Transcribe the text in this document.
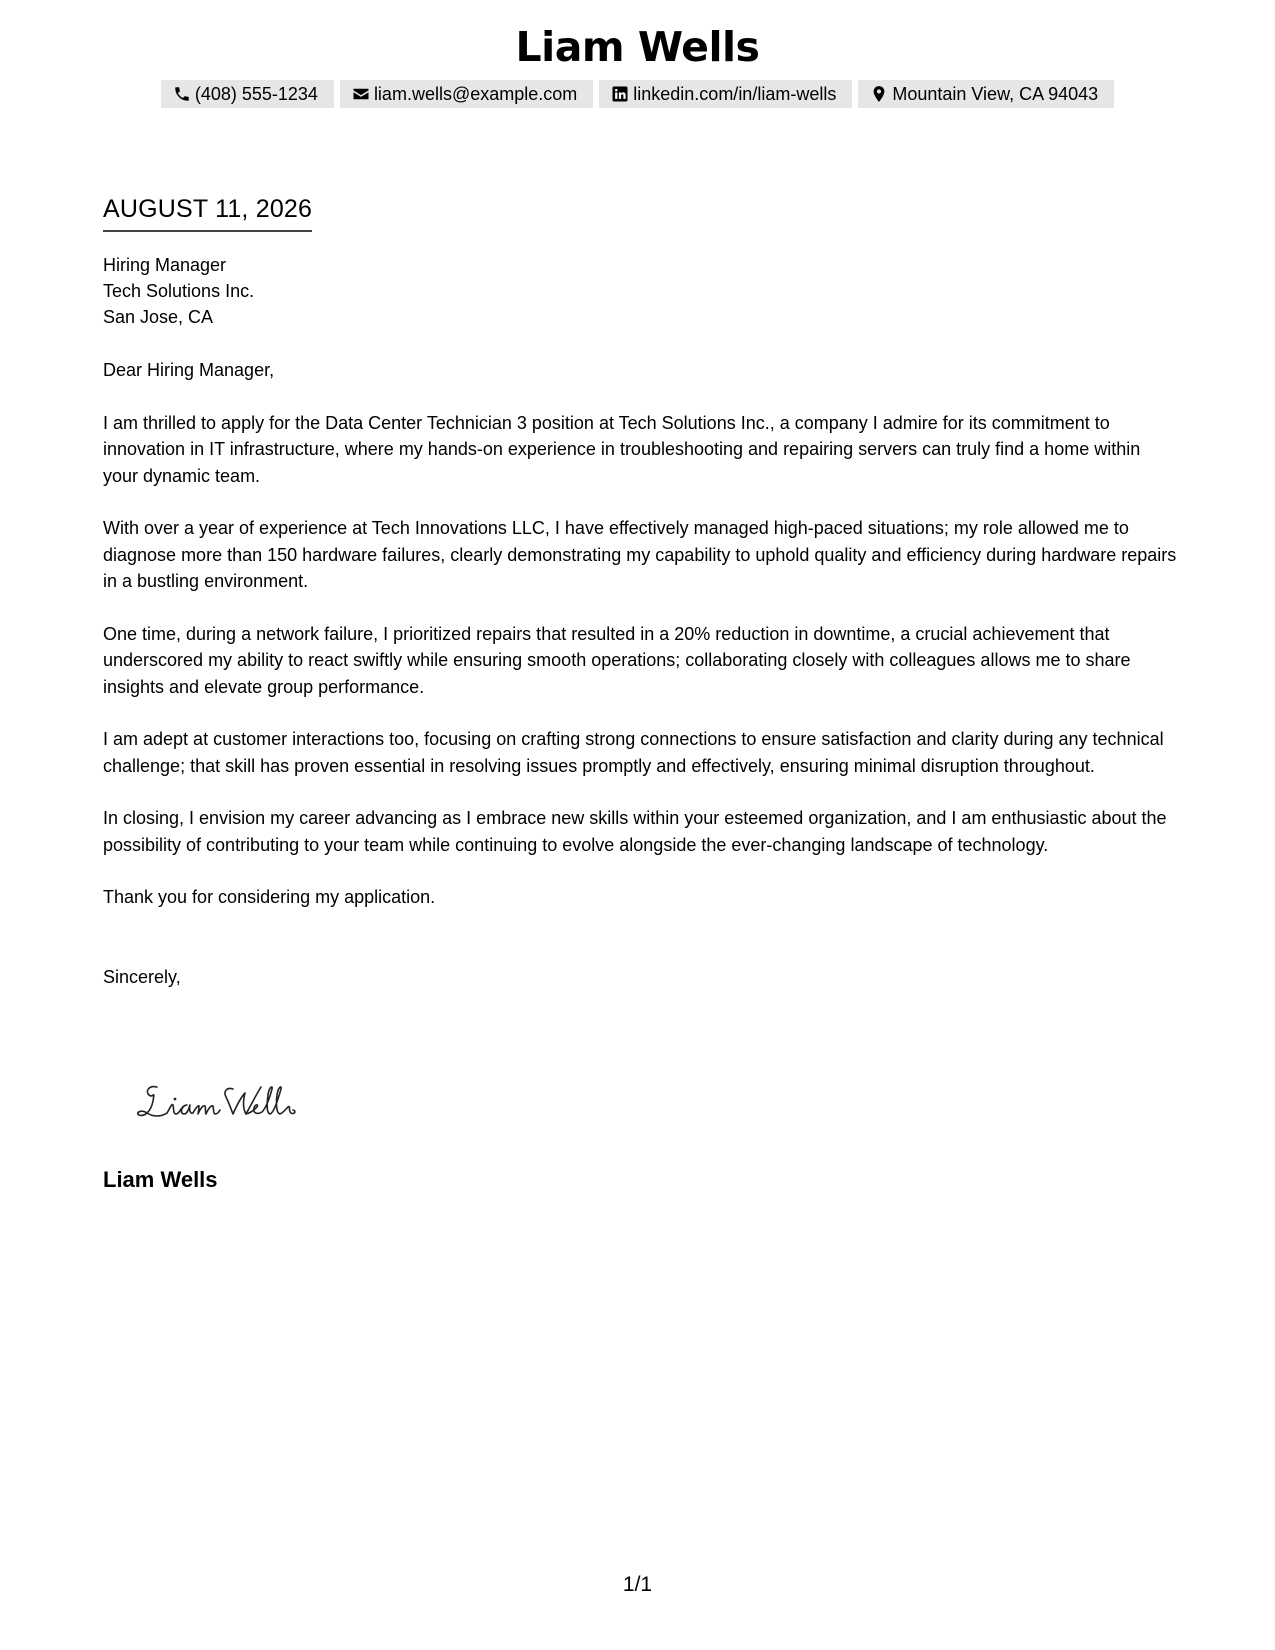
Liam Wells
(408) 555-1234	liam.wells@example.com	linkedin.com/in/liam-wells	Mountain View, CA 94043
AUGUST 11, 2026
Hiring Manager
Tech Solutions Inc.
San Jose, CA

Dear Hiring Manager,

I am thrilled to apply for the Data Center Technician 3 position at Tech Solutions Inc., a company I admire for its commitment to innovation in IT infrastructure, where my hands-on experience in troubleshooting and repairing servers can truly find a home within your dynamic team.

With over a year of experience at Tech Innovations LLC, I have effectively managed high-paced situations; my role allowed me to diagnose more than 150 hardware failures, clearly demonstrating my capability to uphold quality and efficiency during hardware repairs in a bustling environment.

One time, during a network failure, I prioritized repairs that resulted in a 20% reduction in downtime, a crucial achievement that underscored my ability to react swiftly while ensuring smooth operations; collaborating closely with colleagues allows me to share insights and elevate group performance.

I am adept at customer interactions too, focusing on crafting strong connections to ensure satisfaction and clarity during any technical challenge; that skill has proven essential in resolving issues promptly and effectively, ensuring minimal disruption throughout.

In closing, I envision my career advancing as I embrace new skills within your esteemed organization, and I am enthusiastic about the possibility of contributing to your team while continuing to evolve alongside the ever-changing landscape of technology.

Thank you for considering my application.

Sincerely,

Liam Wells
1/1
